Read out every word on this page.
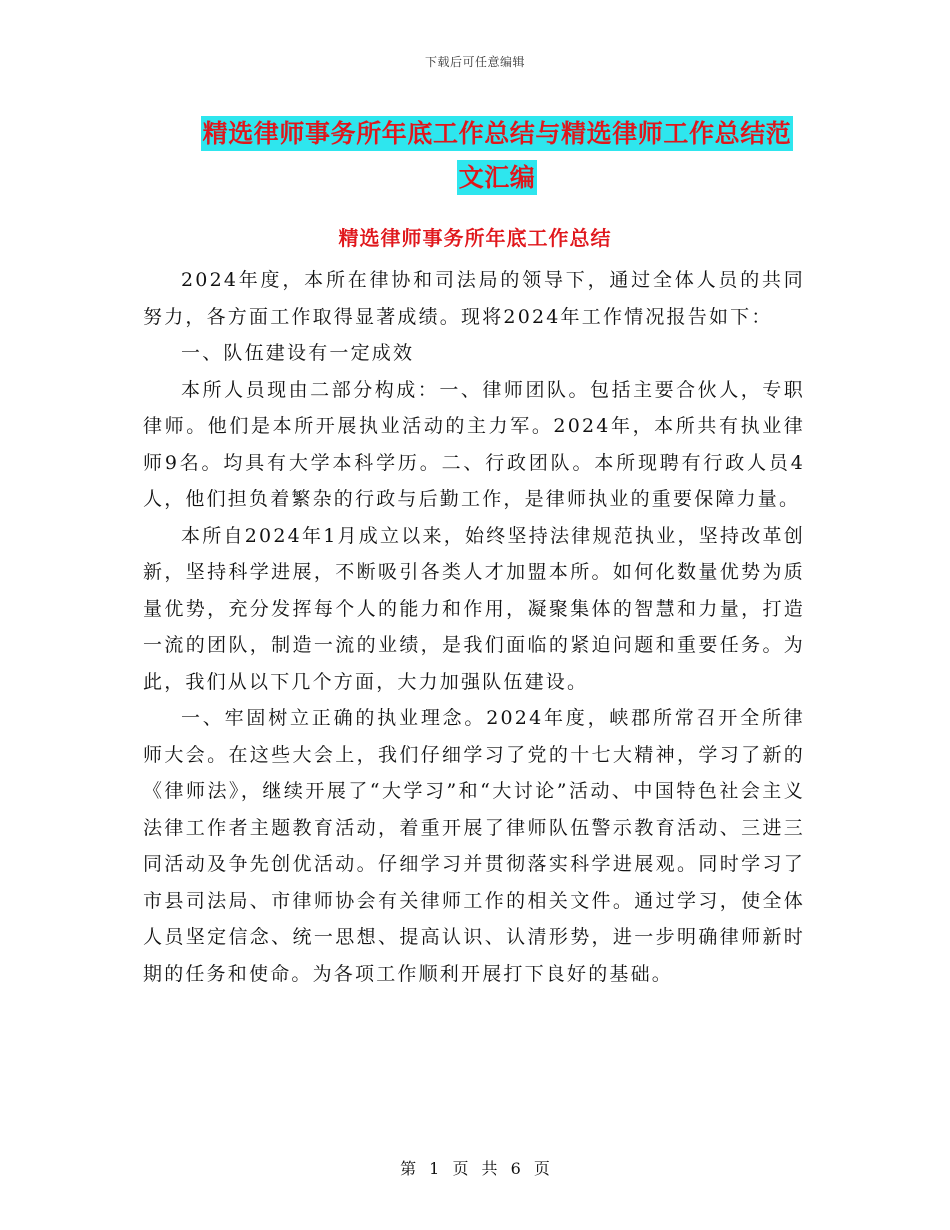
下载后可任意编辑
精选律师事务所年底工作总结与精选律师工作总结范文汇编
精选律师事务所年底工作总结

2024年度，本所在律协和司法局的领导下，通过全体人员的共同努力，各方面工作取得显著成绩。现将2024年工作情况报告如下：

一、队伍建设有一定成效

本所人员现由二部分构成：一、律师团队。包括主要合伙人，专职律师。他们是本所开展执业活动的主力军。2024年，本所共有执业律师9名。均具有大学本科学历。二、行政团队。本所现聘有行政人员4人，他们担负着繁杂的行政与后勤工作，是律师执业的重要保障力量。

本所自2024年1月成立以来，始终坚持法律规范执业，坚持改革创新，坚持科学进展，不断吸引各类人才加盟本所。如何化数量优势为质量优势，充分发挥每个人的能力和作用，凝聚集体的智慧和力量，打造一流的团队，制造一流的业绩，是我们面临的紧迫问题和重要任务。为此，我们从以下几个方面，大力加强队伍建设。

一、牢固树立正确的执业理念。2024年度，峡郡所常召开全所律师大会。在这些大会上，我们仔细学习了党的十七大精神，学习了新的《律师法》，继续开展了“大学习”和“大讨论”活动、中国特色社会主义法律工作者主题教育活动，着重开展了律师队伍警示教育活动、三进三同活动及争先创优活动。仔细学习并贯彻落实科学进展观。同时学习了市县司法局、市律师协会有关律师工作的相关文件。通过学习，使全体人员坚定信念、统一思想、提高认识、认清形势，进一步明确律师新时期的任务和使命。为各项工作顺利开展打下良好的基础。

第 1 页 共 6 页
